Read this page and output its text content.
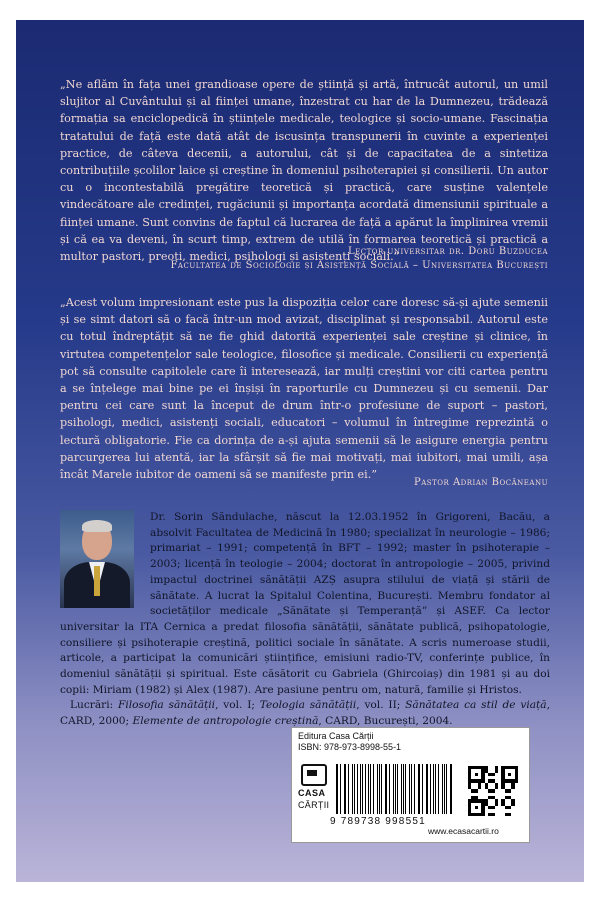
„Ne aflăm în fața unei grandioase opere de știință și artă, întrucât autorul, un umil slujitor al Cuvântului și al ființei umane, înzestrat cu har de la Dumnezeu, trădează formația sa enciclopedică în științele medicale, teologice și socio-umane. Fascinația tratatului de față este dată atât de iscusința transpunerii în cuvinte a experienței practice, de câteva decenii, a autorului, cât și de capacitatea de a sintetiza contribuțiile școlilor laice și creștine în domeniul psihoterapiei și consilierii. Un autor cu o incontestabilă pregătire teoretică și practică, care susține valențele vindecătoare ale credinței, rugăciunii și importanța acordată dimensiunii spirituale a ființei umane. Sunt convins de faptul că lucrarea de față a apărut la împlinirea vremii și că ea va deveni, în scurt timp, extrem de utilă în formarea teoretică și practică a multor pastori, preoți, medici, psihologi și asistenți sociali.”

Lector universitar dr. Doru Buzducea
Facultatea de Sociologie și Asistență Socială – Universitatea București

„Acest volum impresionant este pus la dispoziția celor care doresc să-și ajute semenii și se simt datori să o facă într-un mod avizat, disciplinat și responsabil. Autorul este cu totul îndreptățit să ne fie ghid datorită experienței sale creștine și clinice, în virtutea competențelor sale teologice, filosofice și medicale. Consilierii cu experiență pot să consulte capitolele care îi interesează, iar mulți creștini vor citi cartea pentru a se înțelege mai bine pe ei înșiși în raporturile cu Dumnezeu și cu semenii. Dar pentru cei care sunt la început de drum într-o profesiune de suport – pastori, psihologi, medici, asistenți sociali, educatori – volumul în întregime reprezintă o lectură obligatorie. Fie ca dorința de a-și ajuta semenii să le asigure energia pentru parcurgerea lui atentă, iar la sfârșit să fie mai motivați, mai iubitori, mai umili, așa încât Marele iubitor de oameni să se manifeste prin ei.”

Pastor Adrian Bocăneanu

Dr. Sorin Săndulache, născut la 12.03.1952 în Grigoreni, Bacău, a absolvit Facultatea de Medicină în 1980; specializat în neurologie – 1986; primariat – 1991; competență în BFT – 1992; master în psihoterapie – 2003; licență în teologie – 2004; doctorat în antropologie – 2005, privind impactul doctrinei sănătății AZȘ asupra stilului de viață și stării de sănătate. A lucrat la Spitalul Colentina, București. Membru fondator al societăților medicale „Sănătate și Temperanță” și ASEF. Ca lector universitar la ITA Cernica a predat filosofia sănătății, sănătate publică, psihopatologie, consiliere și psihoterapie creștină, politici sociale în sănătate. A scris numeroase studii, articole, a participat la comunicări științifice, emisiuni radio-TV, conferințe publice, în domeniul sănătății și spiritual. Este căsătorit cu Gabriela (Ghircoiaș) din 1981 și au doi copii: Miriam (1982) și Alex (1987). Are pasiune pentru om, natură, familie și Hristos.

Lucrări: Filosofia sănătății, vol. I; Teologia sănătății, vol. II; Sănătatea ca stil de viață, CARD, 2000; Elemente de antropologie creștină, CARD, București, 2004.

Editura Casa Cărții
ISBN: 978-973-8998-55-1
CASA
CĂRȚII
9 789738 998551
www.ecasacartii.ro
